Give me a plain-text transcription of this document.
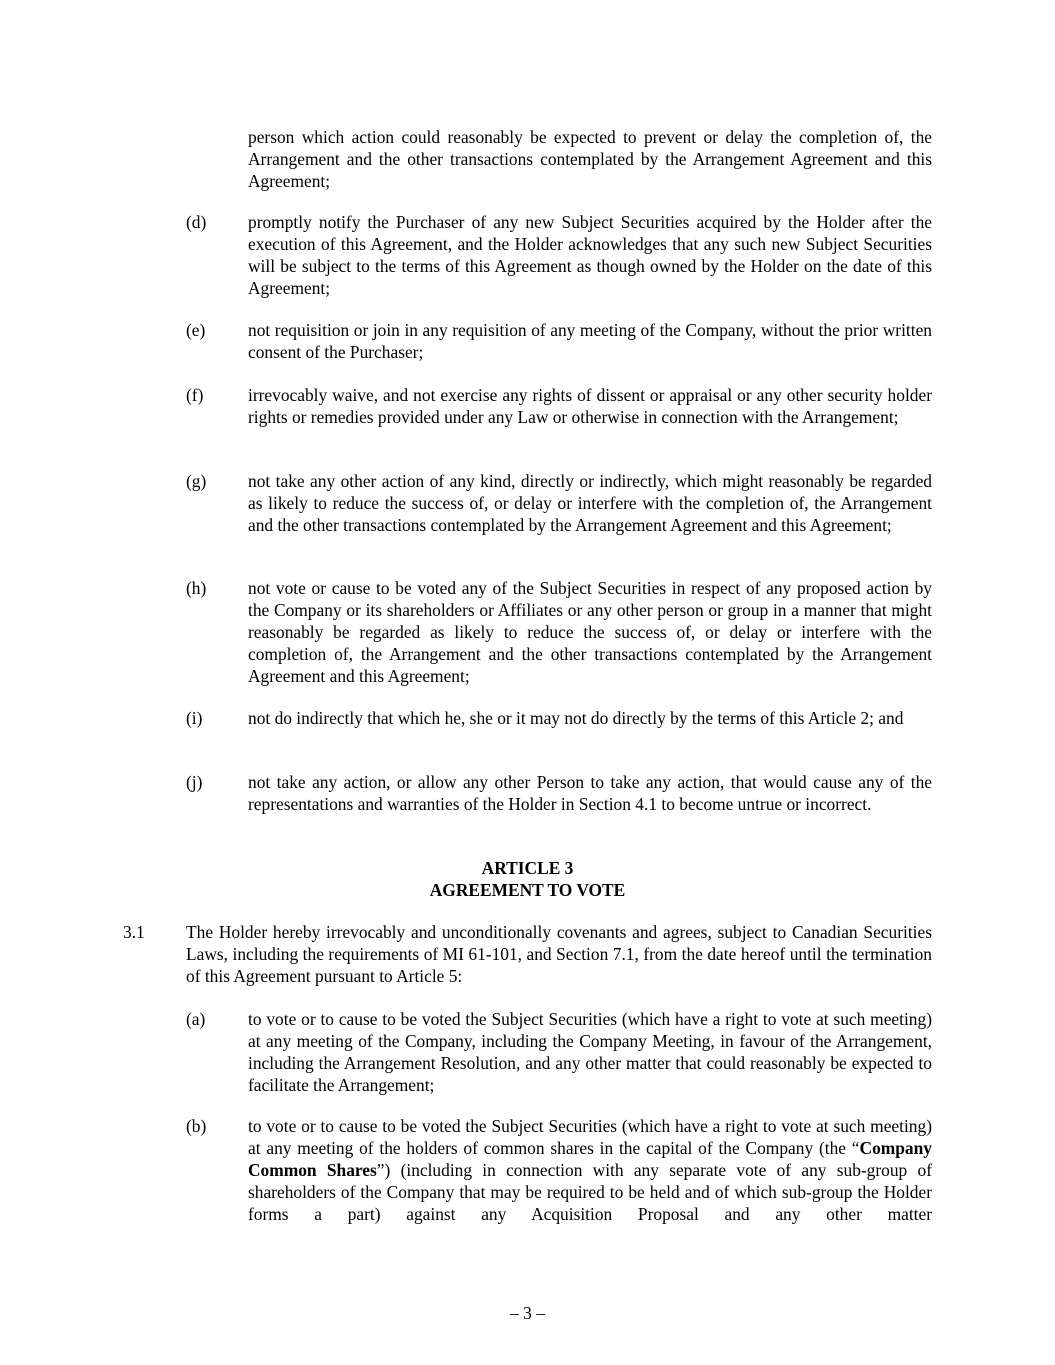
person which action could reasonably be expected to prevent or delay the completion of, the Arrangement and the other transactions contemplated by the Arrangement Agreement and this Agreement;
(d) promptly notify the Purchaser of any new Subject Securities acquired by the Holder after the execution of this Agreement, and the Holder acknowledges that any such new Subject Securities will be subject to the terms of this Agreement as though owned by the Holder on the date of this Agreement;
(e) not requisition or join in any requisition of any meeting of the Company, without the prior written consent of the Purchaser;
(f)	irrevocably waive, and not exercise any rights of dissent or appraisal or any other security holder rights or remedies provided under any Law or otherwise in connection with the Arrangement;
(g) not take any other action of any kind, directly or indirectly, which might reasonably be regarded as likely to reduce the success of, or delay or interfere with the completion of, the Arrangement and the other transactions contemplated by the Arrangement Agreement and this Agreement;
(h) not vote or cause to be voted any of the Subject Securities in respect of any proposed action by the Company or its shareholders or Affiliates or any other person or group in a manner that might reasonably be regarded as likely to reduce the success of, or delay or interfere with the completion of, the Arrangement and the other transactions contemplated by the Arrangement Agreement and this Agreement;
(i)	not do indirectly that which he, she or it may not do directly by the terms of this Article 2; and
(j)	not take any action, or allow any other Person to take any action, that would cause any of the representations and warranties of the Holder in Section 4.1 to become untrue or incorrect.
ARTICLE 3
AGREEMENT TO VOTE
3.1 The Holder hereby irrevocably and unconditionally covenants and agrees, subject to Canadian Securities Laws, including the requirements of MI 61-101, and Section 7.1, from the date hereof until the termination of this Agreement pursuant to Article 5:
(a) to vote or to cause to be voted the Subject Securities (which have a right to vote at such meeting) at any meeting of the Company, including the Company Meeting, in favour of the Arrangement, including the Arrangement Resolution, and any other matter that could reasonably be expected to facilitate the Arrangement;
(b) to vote or to cause to be voted the Subject Securities (which have a right to vote at such meeting) at any meeting of the holders of common shares in the capital of the Company (the “Company Common Shares”) (including in connection with any separate vote of any sub-group of shareholders of the Company that may be required to be held and of which sub-group the Holder forms a part) against any Acquisition Proposal and any other matter
– 3 –
